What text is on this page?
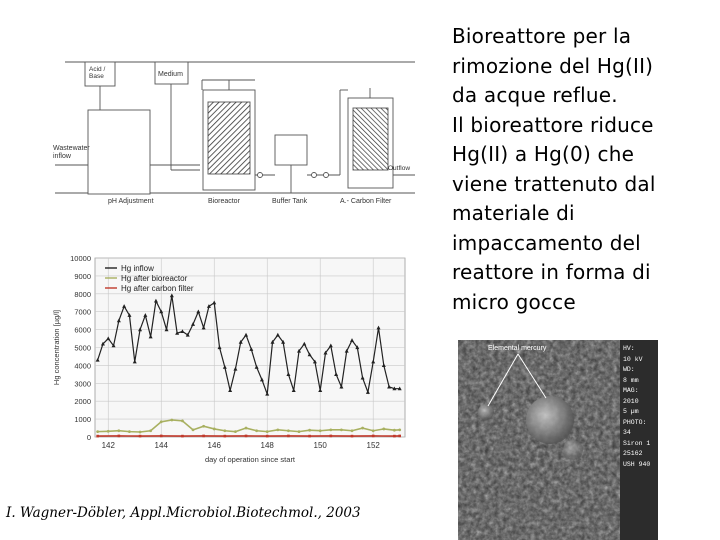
Bioreattore per la
rimozione del Hg(II)
da acque reflue.
Il bioreattore riduce
Hg(II) a Hg(0) che
viene trattenuto dal
materiale di
impaccamento del
reattore in forma di
micro gocce
Acid / Base	Medium
Wastewater inflow
Outflow
pH Adjustment	Bioreactor	Buffer Tank	A.- Carbon Filter
0
1000
2000
3000
4000
5000
6000
7000
8000
9000
10000
142	144	146	148	150	152
day of operation since start
Hg concentration [µg/l]
Hg inflow
Hg after bioreactor
Hg after carbon filter
Elemental mercury	HV:
10 kV
WD:
8 mm
MAG:
2010
5 µm
PHOTO:
34
Siron 1
25162
USH 940
I. Wagner-Döbler, Appl.Microbiol.Biotechmol., 2003
